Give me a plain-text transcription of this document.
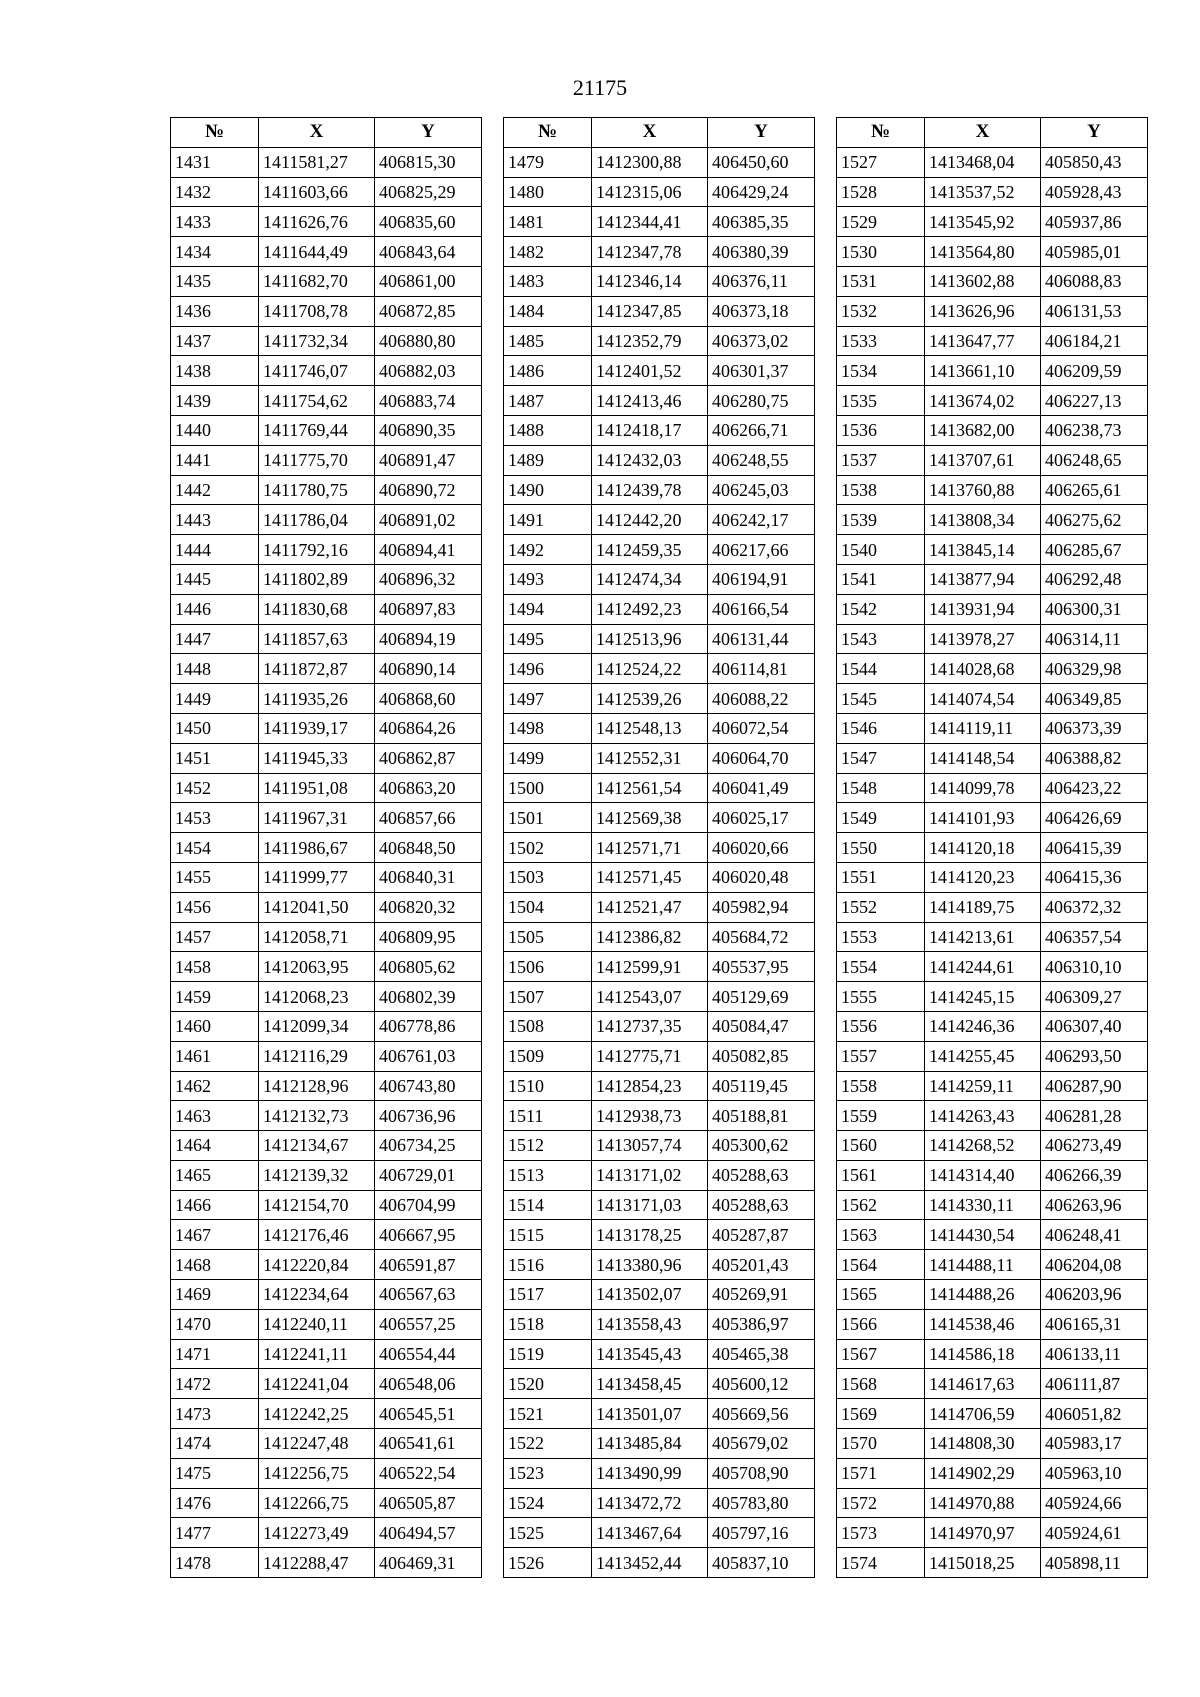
21175
№	X	Y
1431	1411581,27	406815,30
1432	1411603,66	406825,29
1433	1411626,76	406835,60
1434	1411644,49	406843,64
1435	1411682,70	406861,00
1436	1411708,78	406872,85
1437	1411732,34	406880,80
1438	1411746,07	406882,03
1439	1411754,62	406883,74
1440	1411769,44	406890,35
1441	1411775,70	406891,47
1442	1411780,75	406890,72
1443	1411786,04	406891,02
1444	1411792,16	406894,41
1445	1411802,89	406896,32
1446	1411830,68	406897,83
1447	1411857,63	406894,19
1448	1411872,87	406890,14
1449	1411935,26	406868,60
1450	1411939,17	406864,26
1451	1411945,33	406862,87
1452	1411951,08	406863,20
1453	1411967,31	406857,66
1454	1411986,67	406848,50
1455	1411999,77	406840,31
1456	1412041,50	406820,32
1457	1412058,71	406809,95
1458	1412063,95	406805,62
1459	1412068,23	406802,39
1460	1412099,34	406778,86
1461	1412116,29	406761,03
1462	1412128,96	406743,80
1463	1412132,73	406736,96
1464	1412134,67	406734,25
1465	1412139,32	406729,01
1466	1412154,70	406704,99
1467	1412176,46	406667,95
1468	1412220,84	406591,87
1469	1412234,64	406567,63
1470	1412240,11	406557,25
1471	1412241,11	406554,44
1472	1412241,04	406548,06
1473	1412242,25	406545,51
1474	1412247,48	406541,61
1475	1412256,75	406522,54
1476	1412266,75	406505,87
1477	1412273,49	406494,57
1478	1412288,47	406469,31
№	X	Y
1479	1412300,88	406450,60
1480	1412315,06	406429,24
1481	1412344,41	406385,35
1482	1412347,78	406380,39
1483	1412346,14	406376,11
1484	1412347,85	406373,18
1485	1412352,79	406373,02
1486	1412401,52	406301,37
1487	1412413,46	406280,75
1488	1412418,17	406266,71
1489	1412432,03	406248,55
1490	1412439,78	406245,03
1491	1412442,20	406242,17
1492	1412459,35	406217,66
1493	1412474,34	406194,91
1494	1412492,23	406166,54
1495	1412513,96	406131,44
1496	1412524,22	406114,81
1497	1412539,26	406088,22
1498	1412548,13	406072,54
1499	1412552,31	406064,70
1500	1412561,54	406041,49
1501	1412569,38	406025,17
1502	1412571,71	406020,66
1503	1412571,45	406020,48
1504	1412521,47	405982,94
1505	1412386,82	405684,72
1506	1412599,91	405537,95
1507	1412543,07	405129,69
1508	1412737,35	405084,47
1509	1412775,71	405082,85
1510	1412854,23	405119,45
1511	1412938,73	405188,81
1512	1413057,74	405300,62
1513	1413171,02	405288,63
1514	1413171,03	405288,63
1515	1413178,25	405287,87
1516	1413380,96	405201,43
1517	1413502,07	405269,91
1518	1413558,43	405386,97
1519	1413545,43	405465,38
1520	1413458,45	405600,12
1521	1413501,07	405669,56
1522	1413485,84	405679,02
1523	1413490,99	405708,90
1524	1413472,72	405783,80
1525	1413467,64	405797,16
1526	1413452,44	405837,10
№	X	Y
1527	1413468,04	405850,43
1528	1413537,52	405928,43
1529	1413545,92	405937,86
1530	1413564,80	405985,01
1531	1413602,88	406088,83
1532	1413626,96	406131,53
1533	1413647,77	406184,21
1534	1413661,10	406209,59
1535	1413674,02	406227,13
1536	1413682,00	406238,73
1537	1413707,61	406248,65
1538	1413760,88	406265,61
1539	1413808,34	406275,62
1540	1413845,14	406285,67
1541	1413877,94	406292,48
1542	1413931,94	406300,31
1543	1413978,27	406314,11
1544	1414028,68	406329,98
1545	1414074,54	406349,85
1546	1414119,11	406373,39
1547	1414148,54	406388,82
1548	1414099,78	406423,22
1549	1414101,93	406426,69
1550	1414120,18	406415,39
1551	1414120,23	406415,36
1552	1414189,75	406372,32
1553	1414213,61	406357,54
1554	1414244,61	406310,10
1555	1414245,15	406309,27
1556	1414246,36	406307,40
1557	1414255,45	406293,50
1558	1414259,11	406287,90
1559	1414263,43	406281,28
1560	1414268,52	406273,49
1561	1414314,40	406266,39
1562	1414330,11	406263,96
1563	1414430,54	406248,41
1564	1414488,11	406204,08
1565	1414488,26	406203,96
1566	1414538,46	406165,31
1567	1414586,18	406133,11
1568	1414617,63	406111,87
1569	1414706,59	406051,82
1570	1414808,30	405983,17
1571	1414902,29	405963,10
1572	1414970,88	405924,66
1573	1414970,97	405924,61
1574	1415018,25	405898,11
